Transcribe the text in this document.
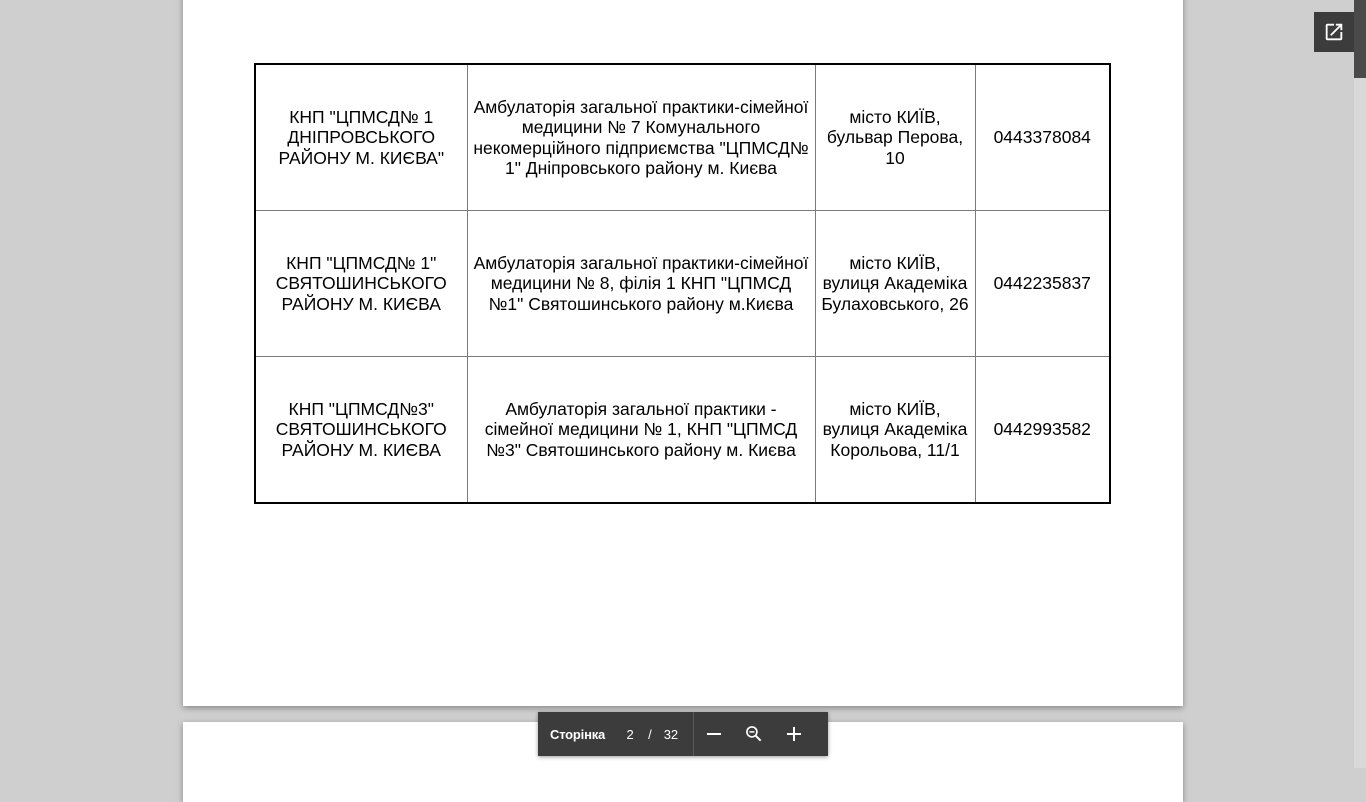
КНП "ЦПМСД№ 1 ДНІПРОВСЬКОГО РАЙОНУ М. КИЄВА"	Амбулаторія загальної практики-сімейної медицини № 7 Комунального некомерційного підприємства "ЦПМСД№ 1" Дніпровського району м. Києва	місто КИЇВ, бульвар Перова, 10	0443378084
КНП "ЦПМСД№ 1" СВЯТОШИНСЬКОГО РАЙОНУ М. КИЄВА	Амбулаторія загальної практики-сімейної медицини № 8, філія 1 КНП "ЦПМСД №1" Святошинського району м.Києва	місто КИЇВ, вулиця Академіка Булаховського, 26	0442235837
КНП "ЦПМСД№3" СВЯТОШИНСЬКОГО РАЙОНУ М. КИЄВА	Амбулаторія загальної практики - сімейної медицини № 1, КНП "ЦПМСД №3" Святошинського району м. Києва	місто КИЇВ, вулиця Академіка Корольова, 11/1	0442993582
Сторінка	2	/ 32
